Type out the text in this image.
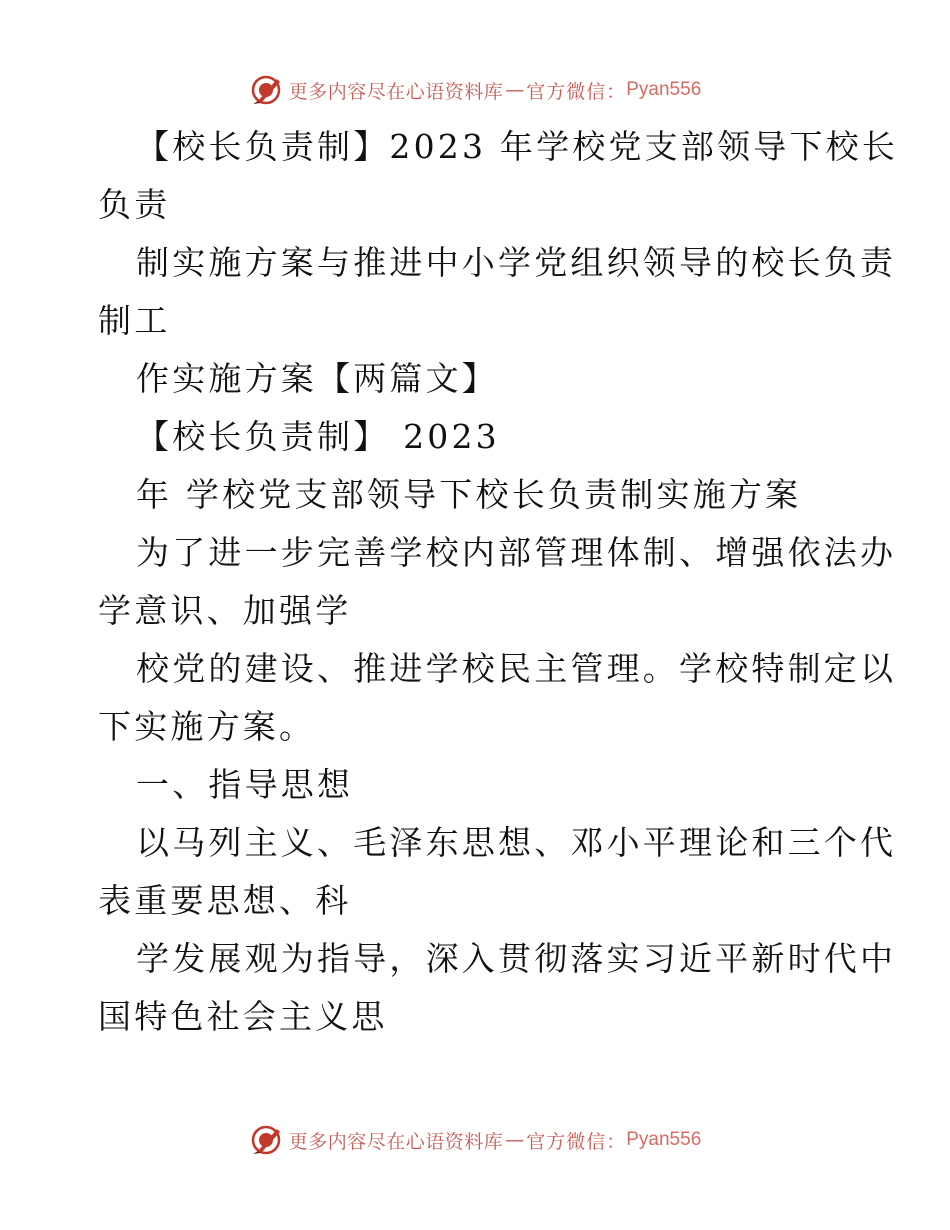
更多内容尽在心语资料库 — 官方微信： Pyan556
【校长负责制】2023 年学校党支部领导下校长
负责
制实施方案与推进中小学党组织领导的校长负责
制工
作实施方案【两篇文】
【校长负责制】 2023
年 学校党支部领导下校长负责制实施方案
为了进一步完善学校内部管理体制、增强依法办
学意识、加强学
校党的建设、推进学校民主管理。学校特制定以
下实施方案。
一、指导思想
以马列主义、毛泽东思想、邓小平理论和三个代
表重要思想、科
学发展观为指导，深入贯彻落实习近平新时代中
国特色社会主义思
更多内容尽在心语资料库 — 官方微信： Pyan556
